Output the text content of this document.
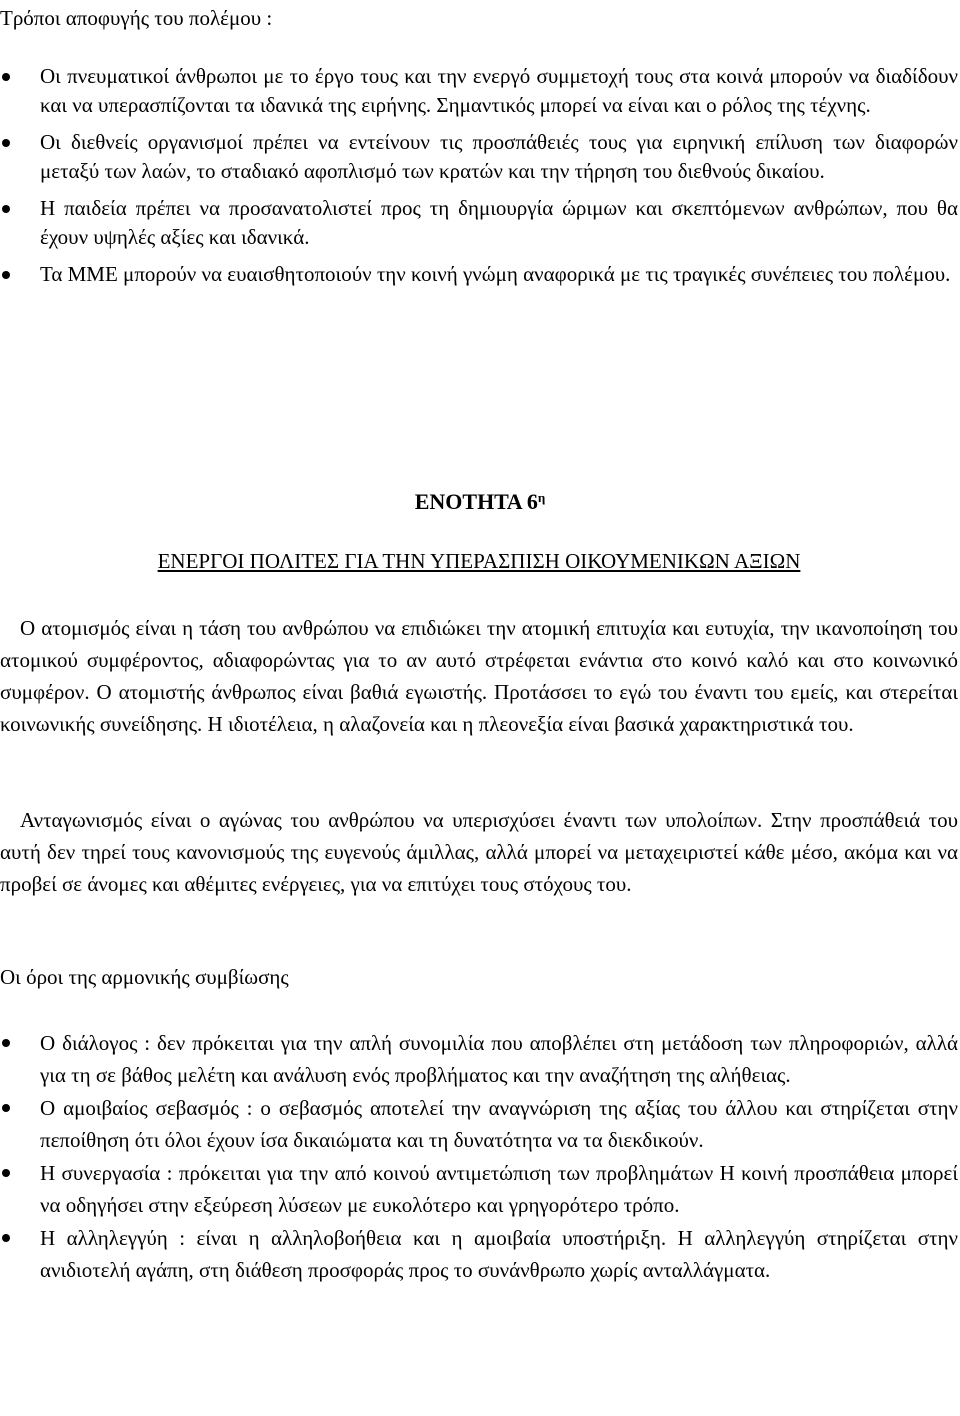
Τρόποι αποφυγής του πολέμου :
Οι πνευματικοί άνθρωποι με το έργο τους και την ενεργό συμμετοχή τους στα κοινά μπορούν να διαδίδουν και να υπερασπίζονται τα ιδανικά της ειρήνης. Σημαντικός μπορεί να είναι και ο ρόλος της τέχνης.
Οι διεθνείς οργανισμοί πρέπει να εντείνουν τις προσπάθειές τους για ειρηνική επίλυση των διαφορών μεταξύ των λαών, το σταδιακό αφοπλισμό των κρατών και την τήρηση του διεθνούς δικαίου.
Η παιδεία πρέπει να προσανατολιστεί προς τη δημιουργία ώριμων και σκεπτόμενων ανθρώπων, που θα έχουν υψηλές αξίες και ιδανικά.
Τα ΜΜΕ μπορούν να ευαισθητοποιούν την κοινή γνώμη αναφορικά με τις τραγικές συνέπειες του πολέμου.
ΕΝΟΤΗΤΑ $6^\eta$
ΕΝΕΡΓΟΙ ΠΟΛΙΤΕΣ ΓΙΑ ΤΗΝ ΥΠΕΡΑΣΠΙΣΗ ΟΙΚΟΥΜΕΝΙΚΩΝ ΑΞΙΩΝ

Ο ατομισμός είναι η τάση του ανθρώπου να επιδιώκει την ατομική επιτυχία και ευτυχία, την ικανοποίηση του ατομικού συμφέροντος, αδιαφορώντας για το αν αυτό στρέφεται ενάντια στο κοινό καλό και στο κοινωνικό συμφέρον. Ο ατομιστής άνθρωπος είναι βαθιά εγωιστής. Προτάσσει το εγώ του έναντι του εμείς, και στερείται κοινωνικής συνείδησης. Η ιδιοτέλεια, η αλαζονεία και η πλεονεξία είναι βασικά χαρακτηριστικά του.

Ανταγωνισμός είναι ο αγώνας του ανθρώπου να υπερισχύσει έναντι των υπολοίπων. Στην προσπάθειά του αυτή δεν τηρεί τους κανονισμούς της ευγενούς άμιλλας, αλλά μπορεί να μεταχειριστεί κάθε μέσο, ακόμα και να προβεί σε άνομες και αθέμιτες ενέργειες, για να επιτύχει τους στόχους του.

Οι όροι της αρμονικής συμβίωσης
Ο διάλογος : δεν πρόκειται για την απλή συνομιλία που αποβλέπει στη μετάδοση των πληροφοριών, αλλά για τη σε βάθος μελέτη και ανάλυση ενός προβλήματος και την αναζήτηση της αλήθειας.
Ο αμοιβαίος σεβασμός : ο σεβασμός αποτελεί την αναγνώριση της αξίας του άλλου και στηρίζεται στην πεποίθηση ότι όλοι έχουν ίσα δικαιώματα και τη δυνατότητα να τα διεκδικούν.
Η συνεργασία : πρόκειται για την από κοινού αντιμετώπιση των προβλημάτων Η κοινή προσπάθεια μπορεί να οδηγήσει στην εξεύρεση λύσεων με ευκολότερο και γρηγορότερο τρόπο.
Η αλληλεγγύη : είναι η αλληλοβοήθεια και η αμοιβαία υποστήριξη. Η αλληλεγγύη στηρίζεται στην ανιδιοτελή αγάπη, στη διάθεση προσφοράς προς το συνάνθρωπο χωρίς ανταλλάγματα.
